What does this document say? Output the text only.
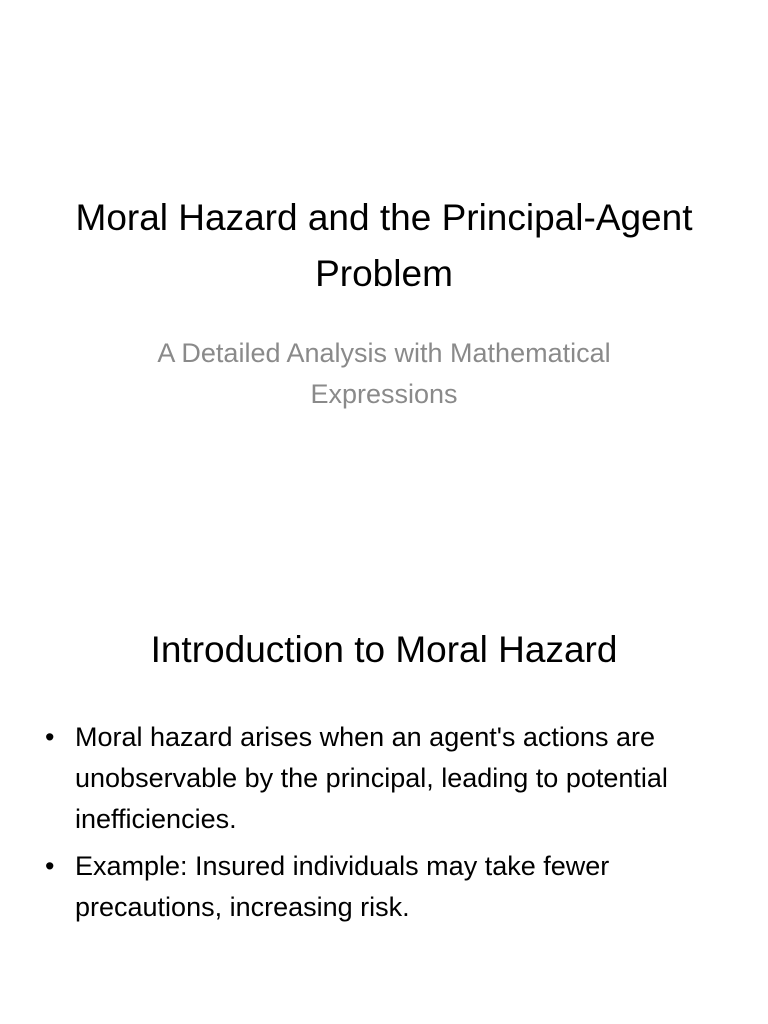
Moral Hazard and the Principal-Agent Problem

A Detailed Analysis with Mathematical Expressions

Introduction to Moral Hazard
• Moral hazard arises when an agent's actions are unobservable by the principal, leading to potential inefficiencies.
• Example: Insured individuals may take fewer precautions, increasing risk.
